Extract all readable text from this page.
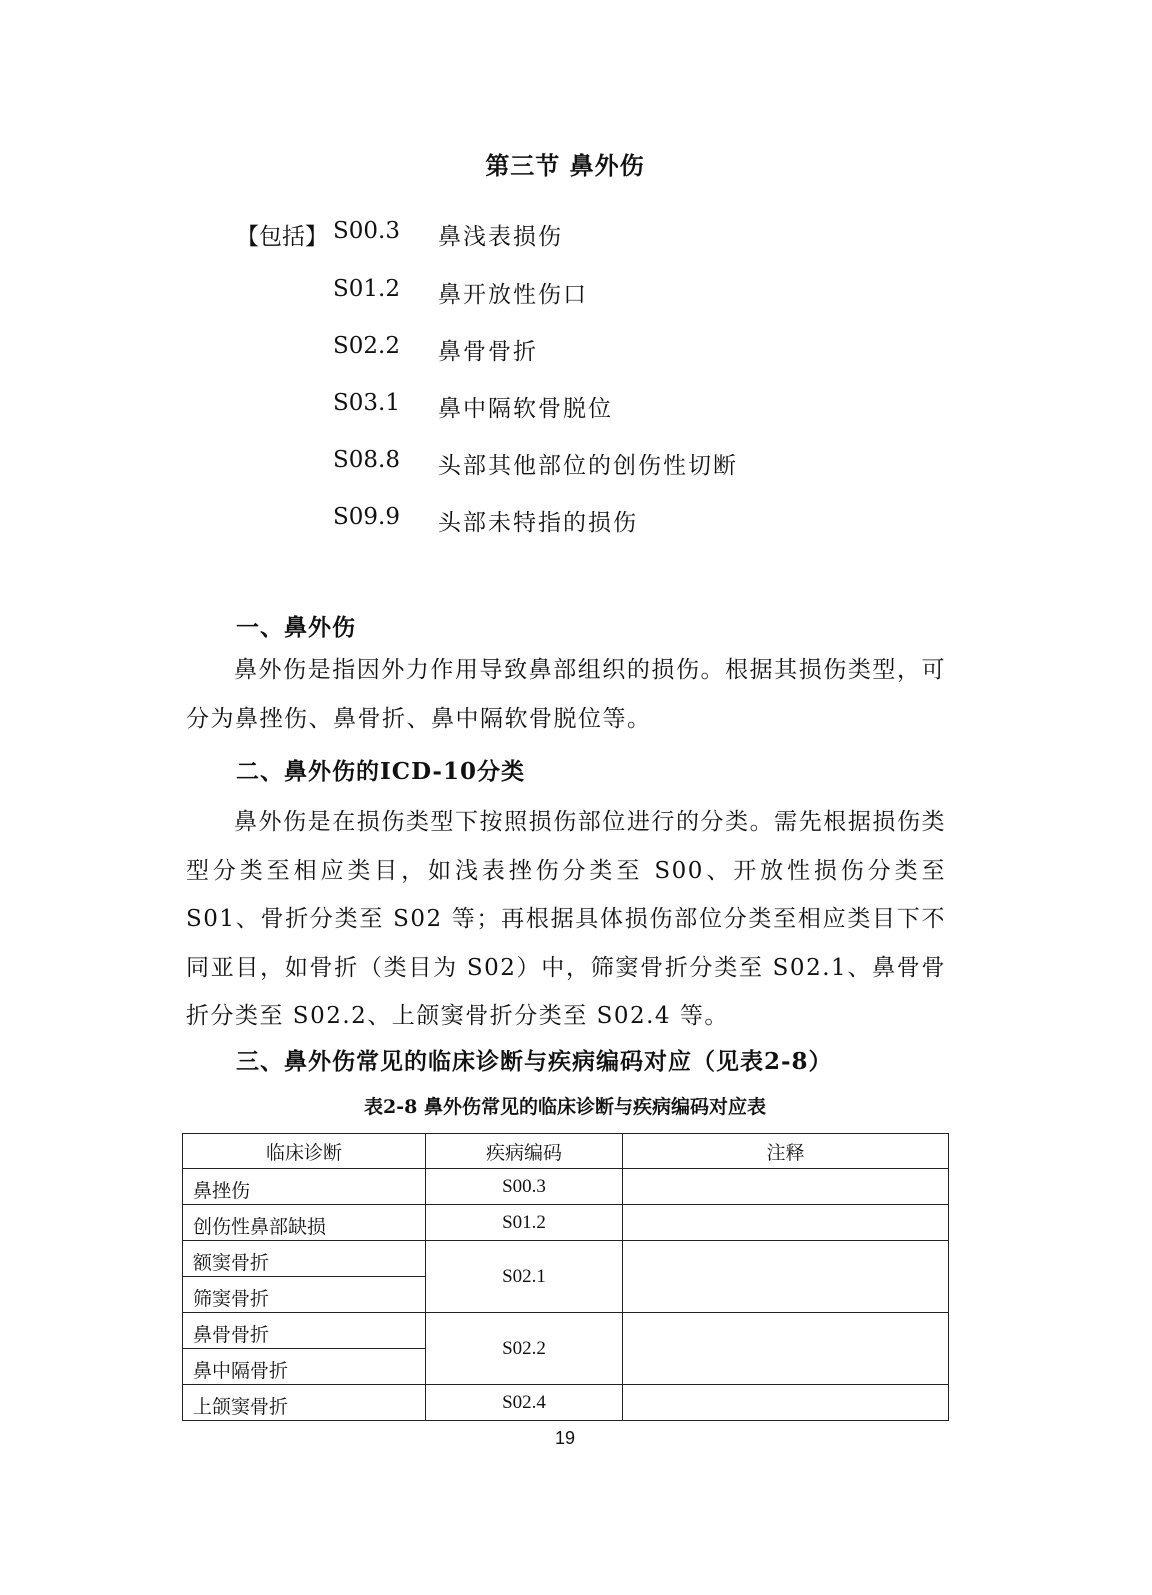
第三节 鼻外伤
【包括】 S00.3 鼻浅表损伤
S01.2 鼻开放性伤口
S02.2 鼻骨骨折
S03.1 鼻中隔软骨脱位
S08.8 头部其他部位的创伤性切断
S09.9 头部未特指的损伤
一、鼻外伤
鼻外伤是指因外力作用导致鼻部组织的损伤。根据其损伤类型，可分为鼻挫伤、鼻骨折、鼻中隔软骨脱位等。
二、鼻外伤的ICD-10分类
鼻外伤是在损伤类型下按照损伤部位进行的分类。需先根据损伤类型分类至相应类目，如浅表挫伤分类至 S00、开放性损伤分类至 S01、骨折分类至 S02 等；再根据具体损伤部位分类至相应类目下不同亚目，如骨折（类目为 S02）中，筛窦骨折分类至 S02.1、鼻骨骨折分类至 S02.2、上颌窦骨折分类至 S02.4 等。
三、鼻外伤常见的临床诊断与疾病编码对应（见表2-8）
表2-8 鼻外伤常见的临床诊断与疾病编码对应表
临床诊断	疾病编码	注释
鼻挫伤	S00.3	
创伤性鼻部缺损	S01.2	
额窦骨折	S02.1	
筛窦骨折		
鼻骨骨折	S02.2	
鼻中隔骨折		
上颌窦骨折	S02.4	
19
